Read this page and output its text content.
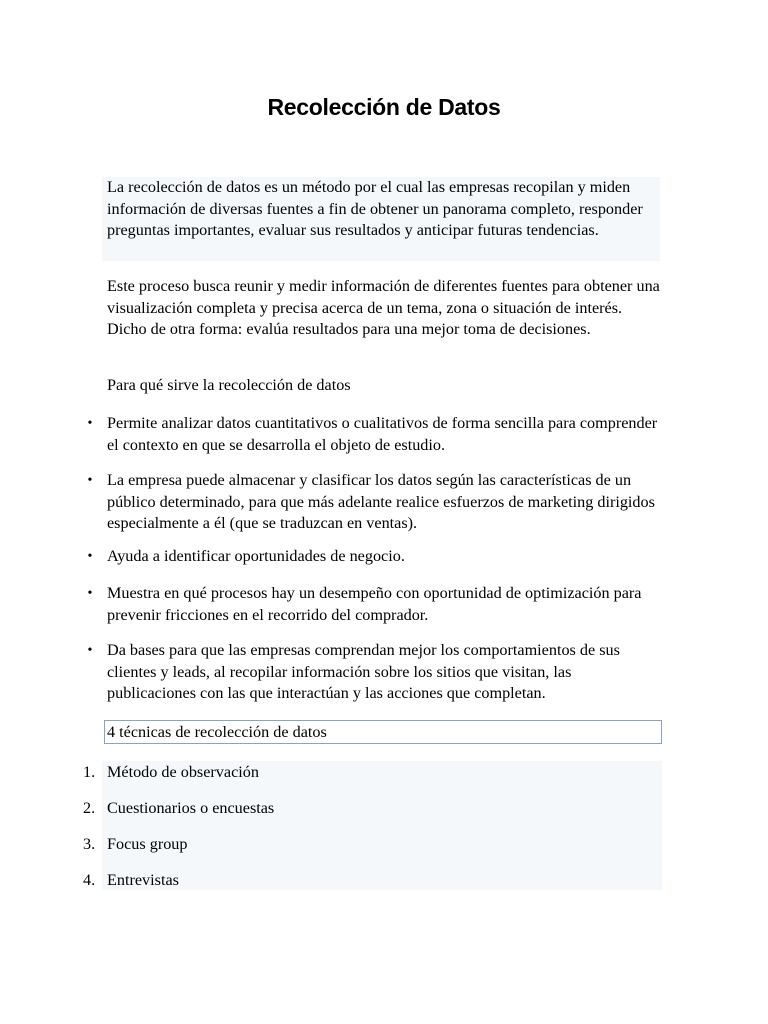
Recolección de Datos

La recolección de datos es un método por el cual las empresas recopilan y miden información de diversas fuentes a fin de obtener un panorama completo, responder preguntas importantes, evaluar sus resultados y anticipar futuras tendencias.

Este proceso busca reunir y medir información de diferentes fuentes para obtener una visualización completa y precisa acerca de un tema, zona o situación de interés. Dicho de otra forma: evalúa resultados para una mejor toma de decisiones.

Para qué sirve la recolección de datos

• Permite analizar datos cuantitativos o cualitativos de forma sencilla para comprender el contexto en que se desarrolla el objeto de estudio.
• La empresa puede almacenar y clasificar los datos según las características de un público determinado, para que más adelante realice esfuerzos de marketing dirigidos especialmente a él (que se traduzcan en ventas).
• Ayuda a identificar oportunidades de negocio.
• Muestra en qué procesos hay un desempeño con oportunidad de optimización para prevenir fricciones en el recorrido del comprador.
• Da bases para que las empresas comprendan mejor los comportamientos de sus clientes y leads, al recopilar información sobre los sitios que visitan, las publicaciones con las que interactúan y las acciones que completan.
4 técnicas de recolección de datos
1. Método de observación
2. Cuestionarios o encuestas
3. Focus group
4. Entrevistas
